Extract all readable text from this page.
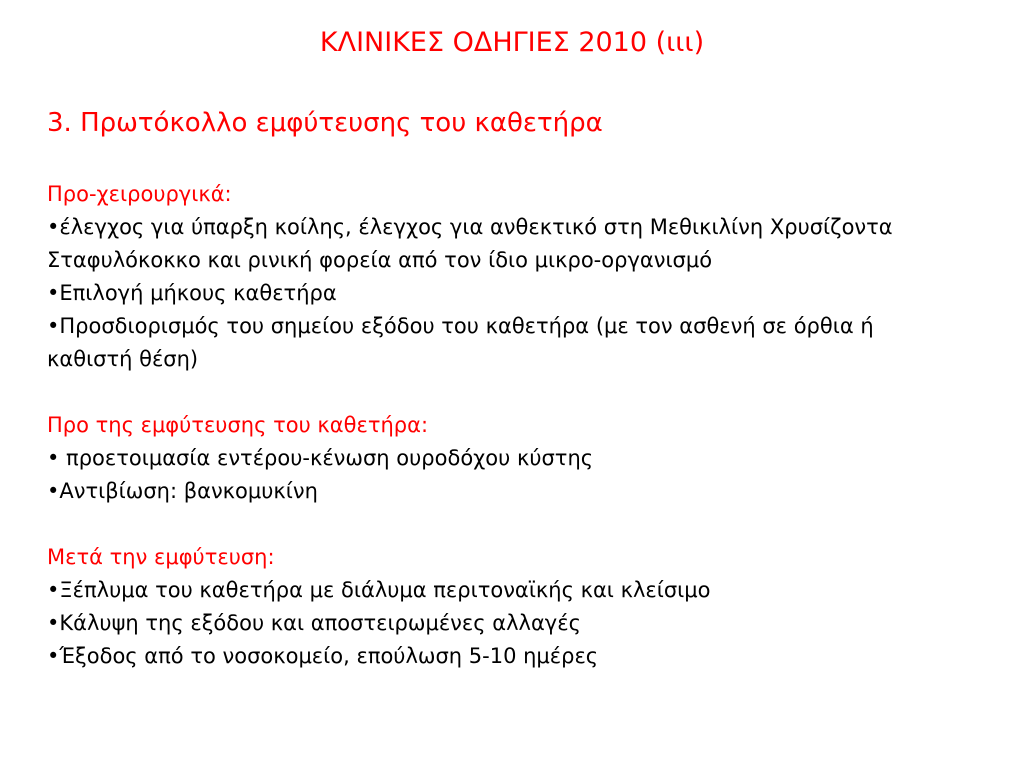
ΚΛΙΝΙΚΕΣ ΟΔΗΓΙΕΣ 2010 (ιιι)
3. Πρωτόκολλο εμφύτευσης του καθετήρα

Προ-χειρουργικά:

•έλεγχος για ύπαρξη κοίλης, έλεγχος για ανθεκτικό στη Μεθικιλίνη Χρυσίζοντα Σταφυλόκοκκο και ρινική φορεία από τον ίδιο μικρο-οργανισμό

•Επιλογή μήκους καθετήρα

•Προσδιορισμός του σημείου εξόδου του καθετήρα (με τον ασθενή σε όρθια ή καθιστή θέση)

Προ της εμφύτευσης του καθετήρα:

• προετοιμασία εντέρου-κένωση ουροδόχου κύστης

•Αντιβίωση: βανκομυκίνη

Μετά την εμφύτευση:

•Ξέπλυμα του καθετήρα με διάλυμα περιτοναϊκής και κλείσιμο

•Κάλυψη της εξόδου και αποστειρωμένες αλλαγές

•Έξοδος από το νοσοκομείο, επούλωση 5-10 ημέρες
